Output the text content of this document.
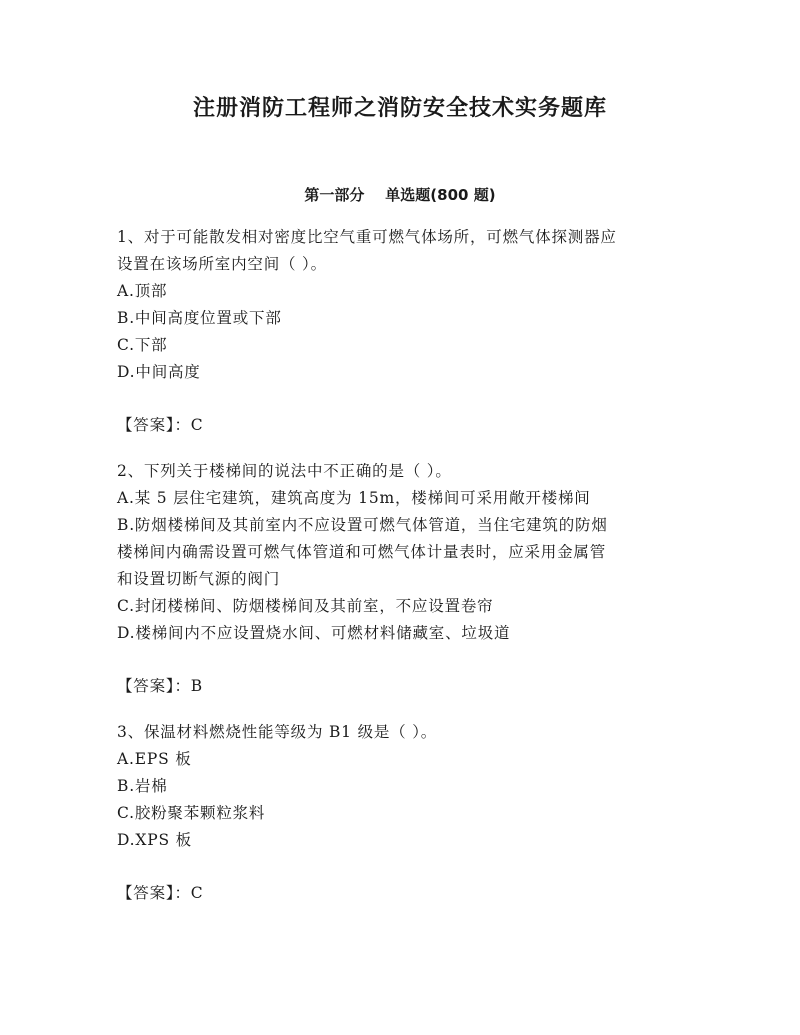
注册消防工程师之消防安全技术实务题库
第一部分    单选题(800 题)
1、对于可能散发相对密度比空气重可燃气体场所，可燃气体探测器应
设置在该场所室内空间（ ）。
A.顶部
B.中间高度位置或下部
C.下部
D.中间高度
【答案】：C
2、下列关于楼梯间的说法中不正确的是（ ）。
A.某 5 层住宅建筑，建筑高度为 15m，楼梯间可采用敞开楼梯间
B.防烟楼梯间及其前室内不应设置可燃气体管道，当住宅建筑的防烟
楼梯间内确需设置可燃气体管道和可燃气体计量表时，应采用金属管
和设置切断气源的阀门
C.封闭楼梯间、防烟楼梯间及其前室，不应设置卷帘
D.楼梯间内不应设置烧水间、可燃材料储藏室、垃圾道
【答案】：B
3、保温材料燃烧性能等级为 B1 级是（ ）。
A.EPS 板
B.岩棉
C.胶粉聚苯颗粒浆料
D.XPS 板
【答案】：C
